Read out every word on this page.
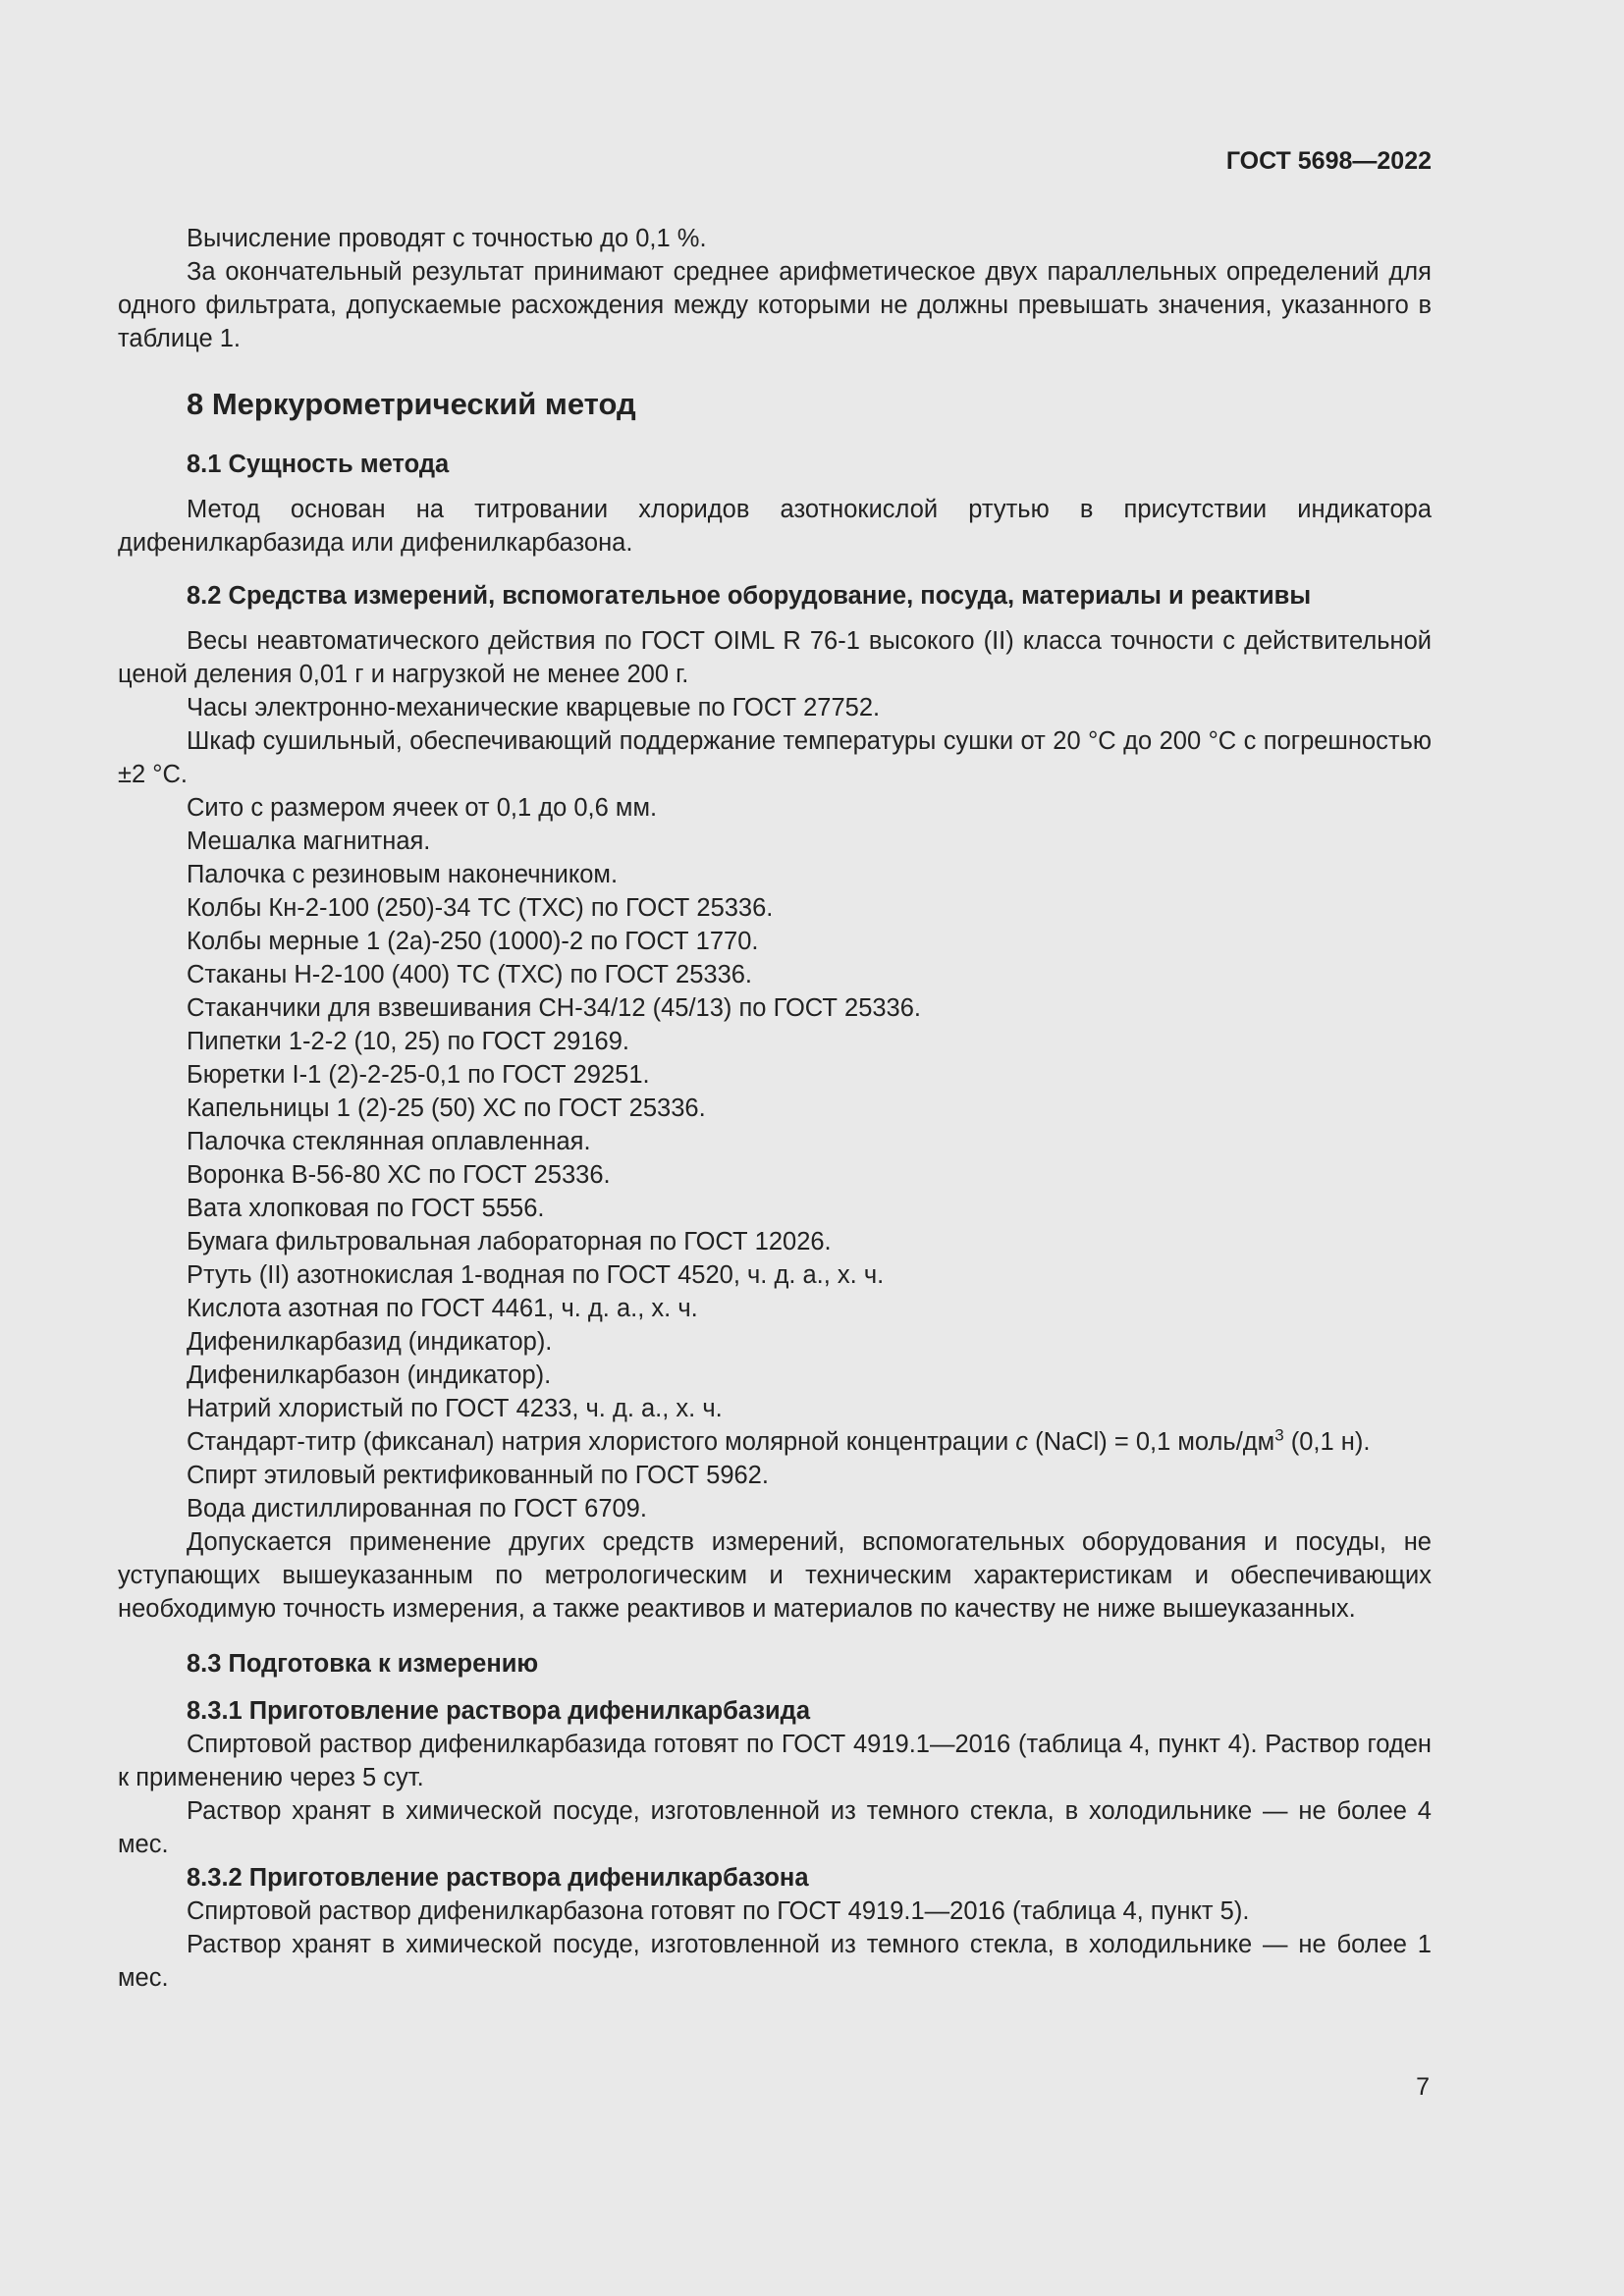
ГОСТ 5698—2022

Вычисление проводят с точностью до 0,1 %.

За окончательный результат принимают среднее арифметическое двух параллельных определений для одного фильтрата, допускаемые расхождения между которыми не должны превышать значения, указанного в таблице 1.

8 Меркурометрический метод
8.1 Сущность метода

Метод основан на титровании хлоридов азотнокислой ртутью в присутствии индикатора дифенилкарбазида или дифенилкарбазона.

8.2 Средства измерений, вспомогательное оборудование, посуда, материалы и реактивы

Весы неавтоматического действия по ГОСТ OIML R 76-1 высокого (II) класса точности с действительной ценой деления 0,01 г и нагрузкой не менее 200 г.

Часы электронно-механические кварцевые по ГОСТ 27752.

Шкаф сушильный, обеспечивающий поддержание температуры сушки от 20 °С до 200 °С с погрешностью ±2 °С.

Сито с размером ячеек от 0,1 до 0,6 мм.

Мешалка магнитная.

Палочка с резиновым наконечником.

Колбы Кн-2-100 (250)-34 ТС (ТХС) по ГОСТ 25336.

Колбы мерные 1 (2а)-250 (1000)-2 по ГОСТ 1770.

Стаканы Н-2-100 (400) ТС (ТХС) по ГОСТ 25336.

Стаканчики для взвешивания СН-34/12 (45/13) по ГОСТ 25336.

Пипетки 1-2-2 (10, 25) по ГОСТ 29169.

Бюретки I-1 (2)-2-25-0,1 по ГОСТ 29251.

Капельницы 1 (2)-25 (50) ХС по ГОСТ 25336.

Палочка стеклянная оплавленная.

Воронка В-56-80 ХС по ГОСТ 25336.

Вата хлопковая по ГОСТ 5556.

Бумага фильтровальная лабораторная по ГОСТ 12026.

Ртуть (II) азотнокислая 1-водная по ГОСТ 4520, ч. д. а., х. ч.

Кислота азотная по ГОСТ 4461, ч. д. а., х. ч.

Дифенилкарбазид (индикатор).

Дифенилкарбазон (индикатор).

Натрий хлористый по ГОСТ 4233, ч. д. а., х. ч.

Стандарт-титр (фиксанал) натрия хлористого молярной концентрации c (NaCl) = 0,1 моль/$дм^3$ (0,1 н).

Спирт этиловый ректификованный по ГОСТ 5962.

Вода дистиллированная по ГОСТ 6709.

Допускается применение других средств измерений, вспомогательных оборудования и посуды, не уступающих вышеуказанным по метрологическим и техническим характеристикам и обеспечивающих необходимую точность измерения, а также реактивов и материалов по качеству не ниже вышеуказанных.

8.3 Подготовка к измерению
8.3.1 Приготовление раствора дифенилкарбазида

Спиртовой раствор дифенилкарбазида готовят по ГОСТ 4919.1—2016 (таблица 4, пункт 4). Раствор годен к применению через 5 сут.

Раствор хранят в химической посуде, изготовленной из темного стекла, в холодильнике — не более 4 мес.

8.3.2 Приготовление раствора дифенилкарбазона

Спиртовой раствор дифенилкарбазона готовят по ГОСТ 4919.1—2016 (таблица 4, пункт 5).

Раствор хранят в химической посуде, изготовленной из темного стекла, в холодильнике — не более 1 мес.

7
